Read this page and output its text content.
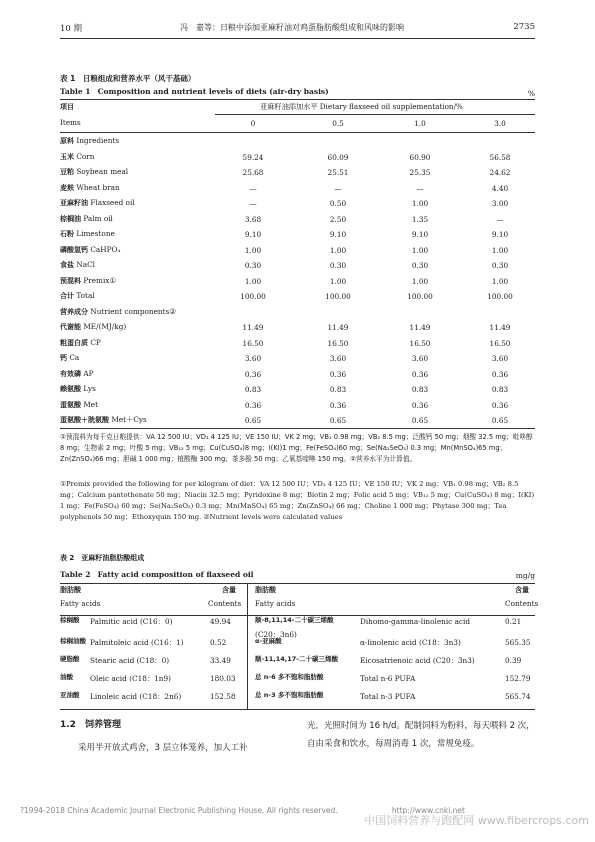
10 期	冯　嘉等：日粮中添加亚麻籽油对鸡蛋脂肪酸组成和风味的影响	2735
表 1　日粮组成和营养水平（风干基础）
Table 1 Composition and nutrient levels of diets (air-dry basis)	%
项目	亚麻籽油添加水平 Dietary flaxseed oil supplementation/%
Items	0	0.5	1.0	3.0
原料 Ingredients
玉米 Corn	59.24	60.09	60.90	56.58
豆粕 Soybean meal	25.68	25.51	25.35	24.62
麦麸 Wheat bran	—	—	—	4.40
亚麻籽油 Flaxseed oil	—	0.50	1.00	3.00
棕榈油 Palm oil	3.68	2.50	1.35	—
石粉 Limestone	9.10	9.10	9.10	9.10
磷酸氢钙 CaHPO₄	1.00	1.00	1.00	1.00
食盐 NaCl	0.30	0.30	0.30	0.30
预混料 Premix①	1.00	1.00	1.00	1.00
合计 Total	100.00	100.00	100.00	100.00
营养成分 Nutrient components②
代谢能 ME/(MJ/kg)	11.49	11.49	11.49	11.49
粗蛋白质 CP	16.50	16.50	16.50	16.50
钙 Ca	3.60	3.60	3.60	3.60
有效磷 AP	0.36	0.36	0.36	0.36
赖氨酸 Lys	0.83	0.83	0.83	0.83
蛋氨酸 Met	0.36	0.36	0.36	0.36
蛋氨酸＋胱氨酸 Met＋Cys	0.65	0.65	0.65	0.65
①预混料为每千克日粮提供：VA 12 500 IU；VD₃ 4 125 IU；VE 150 IU；VK 2 mg；VB₁ 0.98 mg；VB₂ 8.5 mg；泛酸钙 50 mg；烟酸 32.5 mg；吡哆醇 8 mg；生物素 2 mg；叶酸 5 mg；VB₁₂ 5 mg；Cu(CuSO₄)8 mg；I(KI)1 mg；Fe(FeSO₄)60 mg；Se(Na₂SeO₃) 0.3 mg；Mn(MnSO₄)65 mg；Zn(ZnSO₄)66 mg；胆碱 1 000 mg；植酸酶 300 mg；茶多酚 50 mg；乙氧基喹啉 150 mg。②营养水平为计算值。
①Premix provided the following for per kilogram of diet：VA 12 500 IU；VD₃ 4 125 IU；VE 150 IU；VK 2 mg；VB₁ 0.98 mg；VB₂ 8.5 mg；Calcium pantothenate 50 mg；Niacin 32.5 mg；Pyridoxine 8 mg；Biotin 2 mg；Folic acid 5 mg；VB₁₂ 5 mg；Cu(CuSO₄) 8 mg；I(KI) 1 mg；Fe(FeSO₄) 60 mg；Se(Na₂SeO₃) 0.3 mg；Mn(MnSO₄) 65 mg；Zn(ZnSO₄) 66 mg；Choline 1 000 mg；Phytase 300 mg；Tea polyphenols 50 mg；Ethoxyquin 150 mg. ②Nutrient levels were calculated values
表 2　亚麻籽油脂肪酸组成
Table 2 Fatty acid composition of flaxseed oil	mg/g
脂肪酸	含量	脂肪酸	含量
Fatty acids	Contents Fatty acids	Contents
棕榈酸 Palmitic acid (C16：0)	49.94	顺-8,11,14-二十碳三烯酸	Dihomo-gamma-linolenic acid	0.21
(C20：3n6)
棕榈油酸 Palmitoleic acid (C16：1)	0.52	α-亚麻酸	α-linolenic acid (C18：3n3)	565.35
硬脂酸 Stearic acid (C18：0)	33.49	顺-11,14,17-二十碳三烯酸	Eicosatrienoic acid (C20：3n3)	0.39
油酸 Oleic acid (C18：1n9)	180.03	总 n-6 多不饱和脂肪酸	Total n-6 PUFA	152.79
亚油酸 Linoleic acid (C18：2n6)	152.58	总 n-3 多不饱和脂肪酸	Total n-3 PUFA	565.74
1.2　饲养管理
采用半开放式鸡舍，3 层立体笼养，加人工补
光，光照时间为 16 h/d。配制饲料为粉料，每天喂料 2 次，自由采食和饮水，每周消毒 1 次，常规免疫。
?1994-2018 China Academic Journal Electronic Publishing House. All rights reserved.	http://www.cnki.net
中国饲料营养与跑配网 www.fibercrops.com
